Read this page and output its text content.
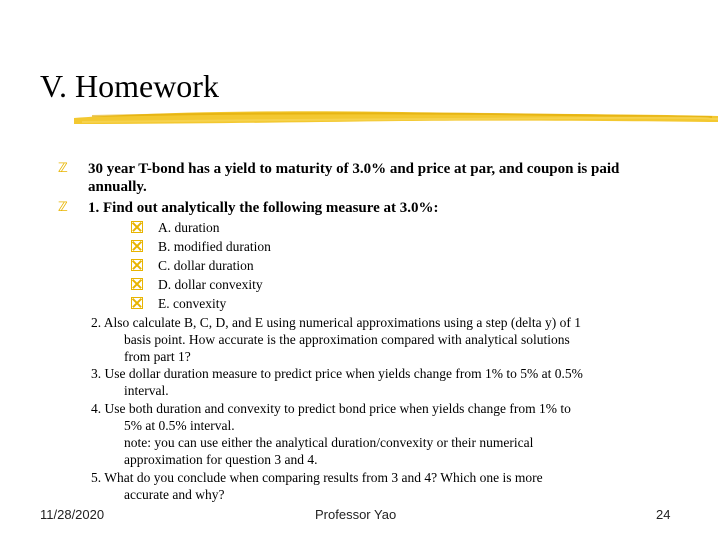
V. Homework
ℤ 30 year T-bond has a yield to maturity of 3.0% and price at par, and coupon is paid annually.
ℤ 1. Find out analytically the following measure at 3.0%:
A. duration
B. modified duration
C. dollar duration
D. dollar convexity
E. convexity
2. Also calculate B, C, D, and E using numerical approximations using a step (delta y) of 1
basis point. How accurate is the approximation compared with analytical solutions
from part 1?
3. Use dollar duration measure to predict price when yields change from 1% to 5% at 0.5%
interval.
4. Use both duration and convexity to predict bond price when yields change from 1% to
5% at 0.5% interval.
note: you can use either the analytical duration/convexity or their numerical
approximation for question 3 and 4.
5. What do you conclude when comparing results from 3 and 4? Which one is more
accurate and why?
11/28/2020	Professor Yao	24
